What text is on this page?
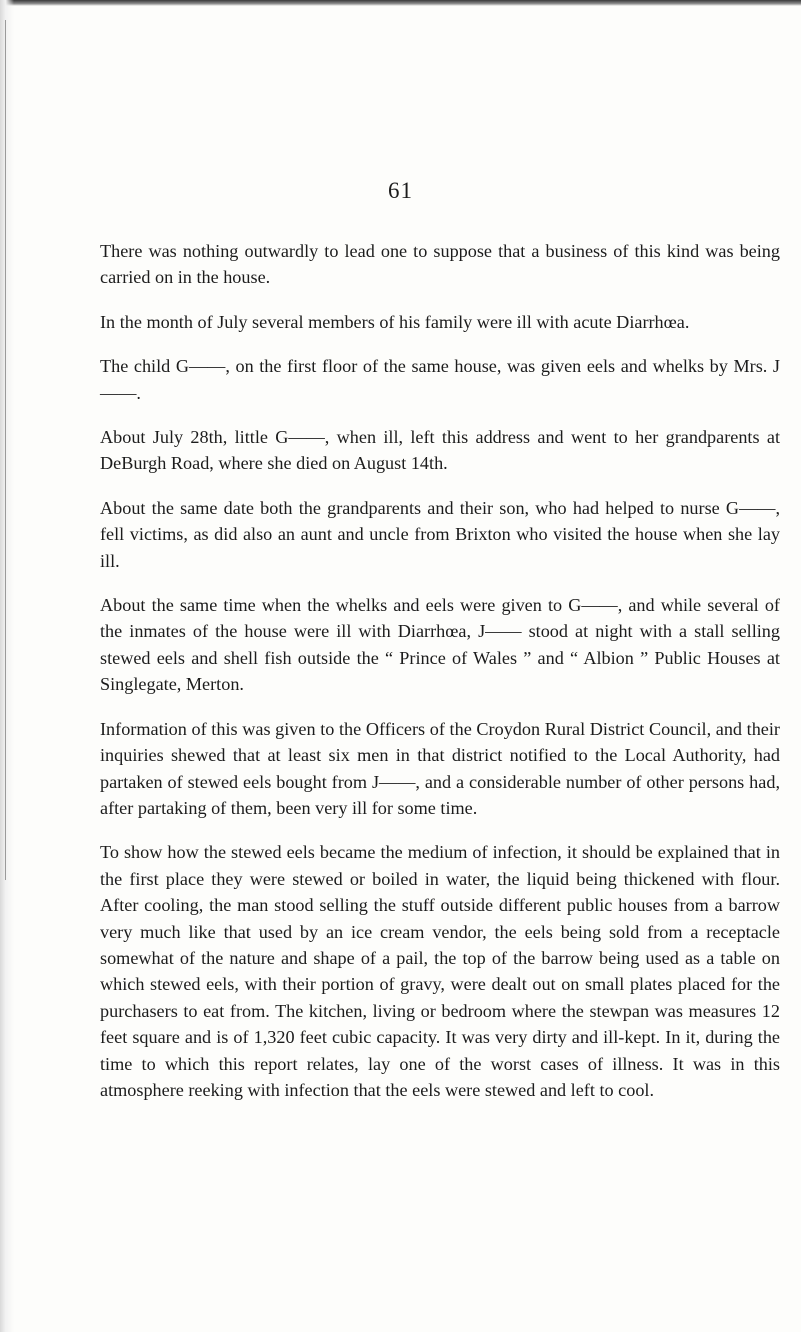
61

There was nothing outwardly to lead one to suppose that a business of this kind was being carried on in the house.

In the month of July several members of his family were ill with acute Diarrhœa.

The child G——, on the first floor of the same house, was given eels and whelks by Mrs. J——.

About July 28th, little G——, when ill, left this address and went to her grandparents at DeBurgh Road, where she died on August 14th.

About the same date both the grandparents and their son, who had helped to nurse G——, fell victims, as did also an aunt and uncle from Brixton who visited the house when she lay ill.

About the same time when the whelks and eels were given to G——, and while several of the inmates of the house were ill with Diarrhœa, J—— stood at night with a stall selling stewed eels and shell fish outside the “ Prince of Wales ” and “ Albion ” Public Houses at Singlegate, Merton.

Information of this was given to the Officers of the Croydon Rural District Council, and their inquiries shewed that at least six men in that district notified to the Local Authority, had partaken of stewed eels bought from J——, and a considerable number of other persons had, after partaking of them, been very ill for some time.

To show how the stewed eels became the medium of infection, it should be explained that in the first place they were stewed or boiled in water, the liquid being thickened with flour. After cooling, the man stood selling the stuff outside different public houses from a barrow very much like that used by an ice cream vendor, the eels being sold from a receptacle somewhat of the nature and shape of a pail, the top of the barrow being used as a table on which stewed eels, with their portion of gravy, were dealt out on small plates placed for the purchasers to eat from. The kitchen, living or bedroom where the stewpan was measures 12 feet square and is of 1,320 feet cubic capacity. It was very dirty and ill-kept. In it, during the time to which this report relates, lay one of the worst cases of illness. It was in this atmosphere reeking with infection that the eels were stewed and left to cool.
